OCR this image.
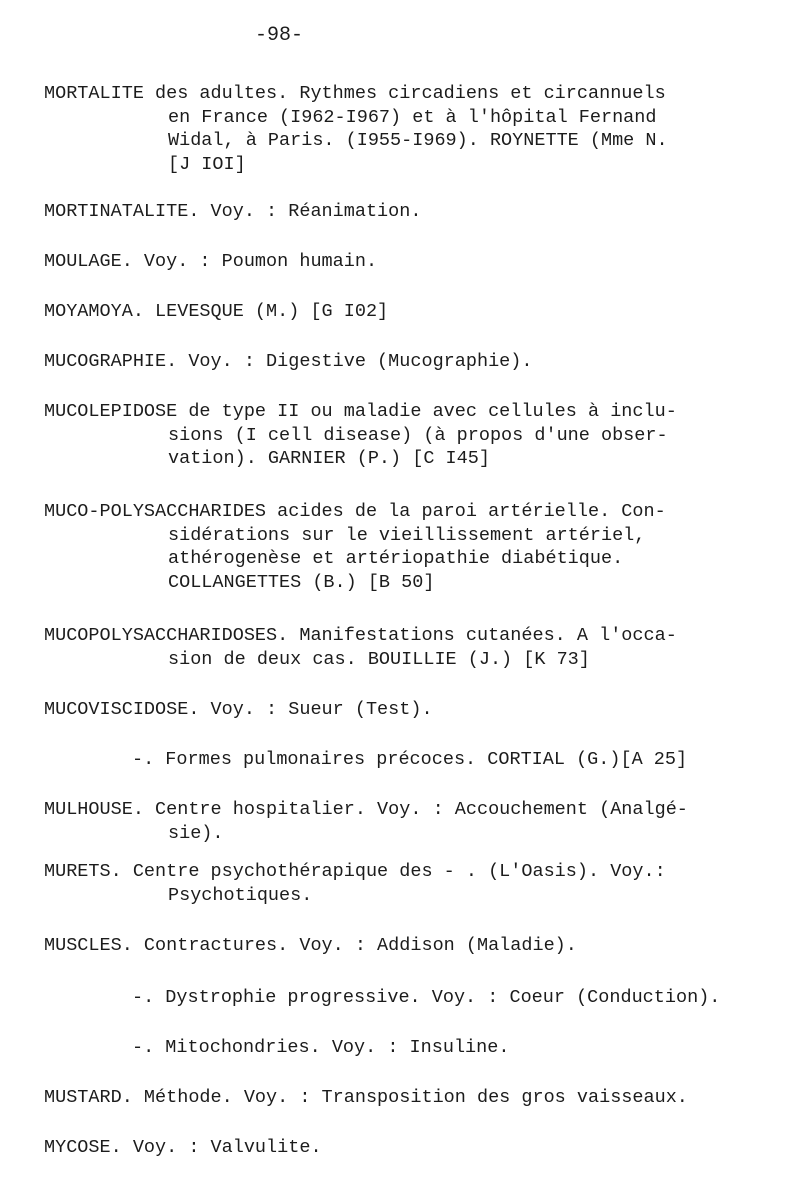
-98-
MORTALITE des adultes. Rythmes circadiens et circannuels
en France (I962-I967) et à l'hôpital Fernand
Widal, à Paris. (I955-I969). ROYNETTE (Mme N.
[J IOI]
MORTINATALITE. Voy. : Réanimation.
MOULAGE. Voy. : Poumon humain.
MOYAMOYA. LEVESQUE (M.) [G I02]
MUCOGRAPHIE. Voy. : Digestive (Mucographie).
MUCOLEPIDOSE de type II ou maladie avec cellules à inclu-
sions (I cell disease) (à propos d'une obser-
vation). GARNIER (P.) [C I45]
MUCO-POLYSACCHARIDES acides de la paroi artérielle. Con-
sidérations sur le vieillissement artériel,
athérogenèse et artériopathie diabétique.
COLLANGETTES (B.) [B 50]
MUCOPOLYSACCHARIDOSES. Manifestations cutanées. A l'occa-
sion de deux cas. BOUILLIE (J.) [K 73]
MUCOVISCIDOSE. Voy. : Sueur (Test).
-. Formes pulmonaires précoces. CORTIAL (G.)[A 25]
MULHOUSE. Centre hospitalier. Voy. : Accouchement (Analgé-
sie).
MURETS. Centre psychothérapique des - . (L'Oasis). Voy.:
Psychotiques.
MUSCLES. Contractures. Voy. : Addison (Maladie).
-. Dystrophie progressive. Voy. : Coeur (Conduction).
-. Mitochondries. Voy. : Insuline.
MUSTARD. Méthode. Voy. : Transposition des gros vaisseaux.
MYCOSE. Voy. : Valvulite.
